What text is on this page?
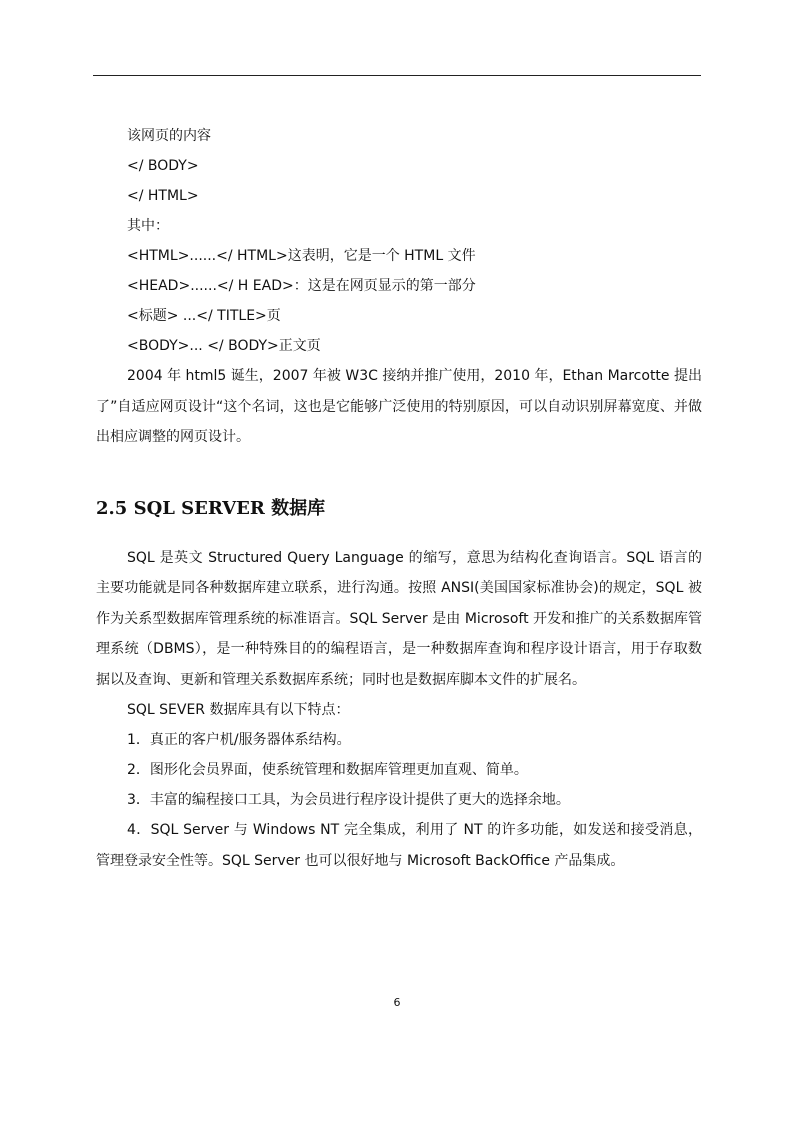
该网页的内容
</ BODY>
</ HTML>
其中：
<HTML>......</ HTML>这表明，它是一个 HTML 文件
<HEAD>......</ H EAD>：这是在网页显示的第一部分
<标题> ...</ TITLE>页
<BODY>... </ BODY>正文页

2004 年 html5 诞生，2007 年被 W3C 接纳并推广使用，2010 年，Ethan Marcotte 提出了”自适应网页设计“这个名词，这也是它能够广泛使用的特别原因，可以自动识别屏幕宽度、并做出相应调整的网页设计。

2.5 SQL SERVER 数据库

SQL 是英文 Structured Query Language 的缩写，意思为结构化查询语言。SQL 语言的主要功能就是同各种数据库建立联系，进行沟通。按照 ANSI(美国国家标准协会)的规定，SQL 被作为关系型数据库管理系统的标准语言。SQL Server 是由 Microsoft 开发和推广的关系数据库管理系统（DBMS），是一种特殊目的的编程语言，是一种数据库查询和程序设计语言，用于存取数据以及查询、更新和管理关系数据库系统；同时也是数据库脚本文件的扩展名。

SQL SEVER 数据库具有以下特点：
1．真正的客户机/服务器体系结构。
2．图形化会员界面，使系统管理和数据库管理更加直观、简单。
3．丰富的编程接口工具，为会员进行程序设计提供了更大的选择余地。

4．SQL Server 与 Windows NT 完全集成，利用了 NT 的许多功能，如发送和接受消息，管理登录安全性等。SQL Server 也可以很好地与 Microsoft BackOffice 产品集成。

6
